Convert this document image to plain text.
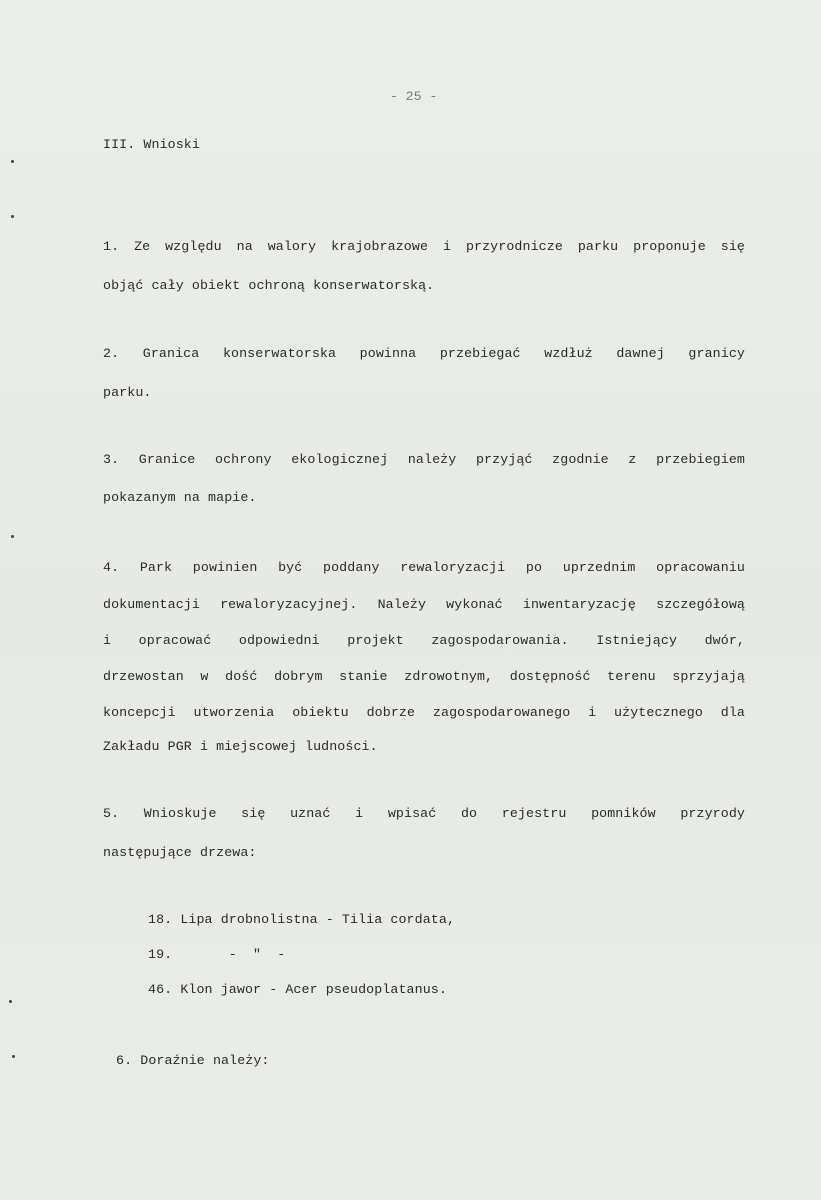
- 25 -
III. Wnioski
1. Ze względu na walory krajobrazowe i przyrodnicze parku proponuje się
objąć cały obiekt ochroną konserwatorską.
2. Granica konserwatorska powinna przebiegać wzdłuż dawnej granicy
parku.
3. Granice ochrony ekologicznej należy przyjąć zgodnie z przebiegiem
pokazanym na mapie.
4. Park powinien być poddany rewaloryzacji po uprzednim opracowaniu
dokumentacji rewaloryzacyjnej. Należy wykonać inwentaryzację szczegółową
i opracować odpowiedni projekt zagospodarowania. Istniejący dwór,
drzewostan w dość dobrym stanie zdrowotnym, dostępność terenu sprzyjają
koncepcji utworzenia obiektu dobrze zagospodarowanego i użytecznego dla
Zakładu PGR i miejscowej ludności.
5. Wnioskuje się uznać i wpisać do rejestru pomników przyrody
następujące drzewa:
18. Lipa drobnolistna - Tilia cordata,
19.       -  "  -
46. Klon jawor - Acer pseudoplatanus.
6. Doraźnie należy:
